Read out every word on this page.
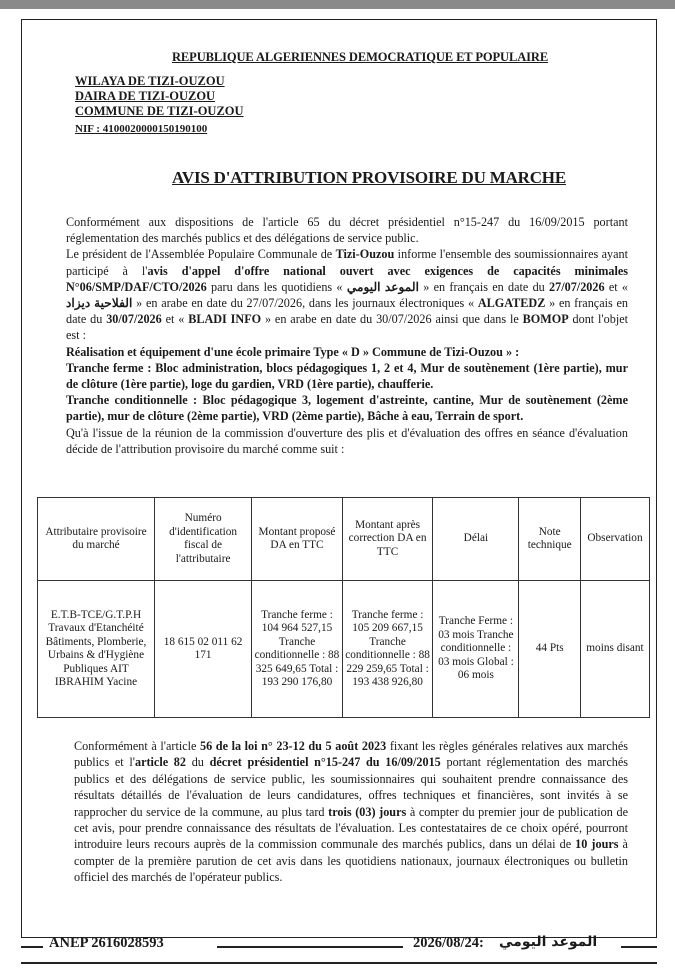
REPUBLIQUE ALGERIENNES DEMOCRATIQUE ET POPULAIRE
WILAYA DE TIZI-OUZOU
DAIRA DE TIZI-OUZOU
COMMUNE DE TIZI-OUZOU
NIF : 4100020000150190100
AVIS D'ATTRIBUTION PROVISOIRE DU MARCHE

Conformément aux dispositions de l'article 65 du décret présidentiel n°15-247 du 16/09/2015 portant réglementation des marchés publics et des délégations de service public.

Le président de l'Assemblée Populaire Communale de Tizi-Ouzou informe l'ensemble des soumissionnaires ayant participé à l'avis d'appel d'offre national ouvert avec exigences de capacités minimales N°06/SMP/DAF/CTO/2026 paru dans les quotidiens « الموعد اليومي » en français en date du 27/07/2026 et « الفلاحية ديزاد » en arabe en date du 27/07/2026, dans les journaux électroniques « ALGATEDZ » en français en date du 30/07/2026 et « BLADI INFO » en arabe en date du 30/07/2026 ainsi que dans le BOMOP dont l'objet est :

Réalisation et équipement d'une école primaire Type « D » Commune de Tizi-Ouzou » :

Tranche ferme : Bloc administration, blocs pédagogiques 1, 2 et 4, Mur de soutènement (1ère partie), mur de clôture (1ère partie), loge du gardien, VRD (1ère partie), chaufferie.

Tranche conditionnelle : Bloc pédagogique 3, logement d'astreinte, cantine, Mur de soutènement (2ème partie), mur de clôture (2ème partie), VRD (2ème partie), Bâche à eau, Terrain de sport.

Qu'à l'issue de la réunion de la commission d'ouverture des plis et d'évaluation des offres en séance d'évaluation décide de l'attribution provisoire du marché comme suit :

Attributaire provisoire du marché	Numéro d'identification fiscal de l'attributaire	Montant proposé DA en TTC	Montant après correction DA en TTC	Délai	Note technique	Observation
E.T.B-TCE/G.T.P.H Travaux d'Etanchéité Bâtiments, Plomberie, Urbains & d'Hygiène Publiques AIT IBRAHIM Yacine	18 615 02 011 62 171	Tranche ferme : 104 964 527,15 Tranche conditionnelle : 88 325 649,65 Total : 193 290 176,80	Tranche ferme : 105 209 667,15 Tranche conditionnelle : 88 229 259,65 Total : 193 438 926,80	Tranche Ferme : 03 mois Tranche conditionnelle : 03 mois Global : 06 mois	44 Pts	moins disant
Conformément à l'article 56 de la loi n° 23-12 du 5 août 2023 fixant les règles générales relatives aux marchés publics et l'article 82 du décret présidentiel n°15-247 du 16/09/2015 portant réglementation des marchés publics et des délégations de service public, les soumissionnaires qui souhaitent prendre connaissance des résultats détaillés de l'évaluation de leurs candidatures, offres techniques et financières, sont invités à se rapprocher du service de la commune, au plus tard trois (03) jours à compter du premier jour de publication de cet avis, pour prendre connaissance des résultats de l'évaluation. Les contestataires de ce choix opéré, pourront introduire leurs recours auprès de la commission communale des marchés publics, dans un délai de 10 jours à compter de la première parution de cet avis dans les quotidiens nationaux, journaux électroniques ou bulletin officiel des marchés de l'opérateur publics.
ANEP 2616028593	2026/08/24: الموعد اليومي
